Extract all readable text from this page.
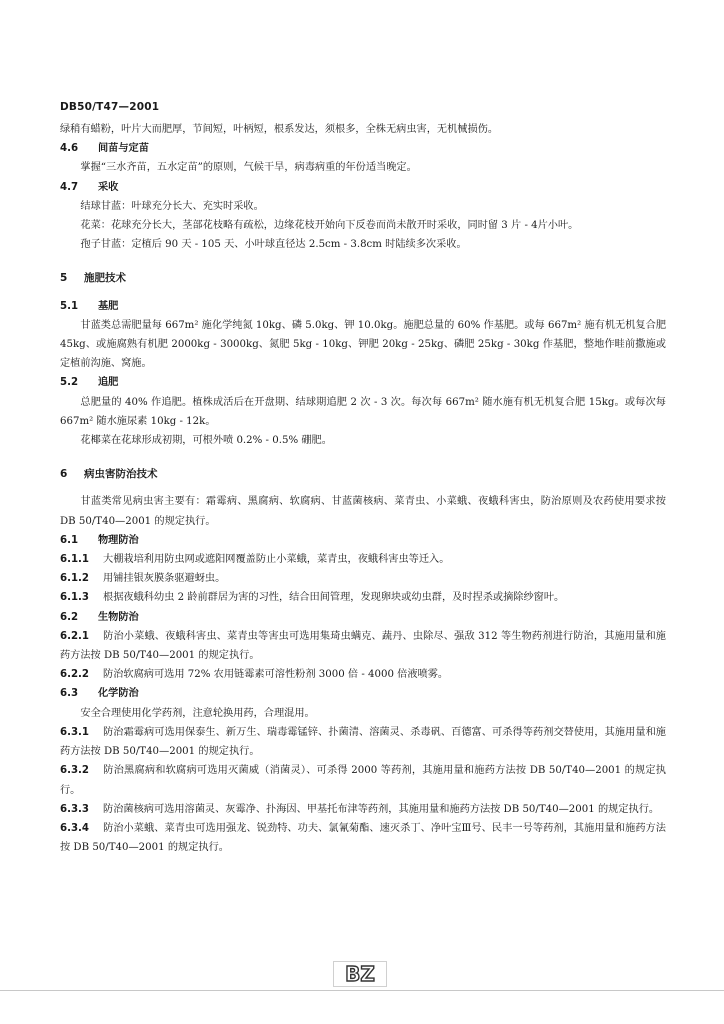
DB50/T47—2001

绿稍有蜡粉，叶片大而肥厚，节间短，叶柄短，根系发达，须根多，全株无病虫害，无机械损伤。

4.6 间苗与定苗

掌握“三水齐苗，五水定苗”的原则，气候干旱，病毒病重的年份适当晚定。

4.7 采收

结球甘蓝：叶球充分长大、充实时采收。

花菜：花球充分长大，茎部花枝略有疏松，边缘花枝开始向下反卷而尚未散开时采收，同时留 3 片 - 4片小叶。

孢子甘蓝：定植后 90 天 - 105 天、小叶球直径达 2.5cm - 3.8cm 时陆续多次采收。

5 施肥技术
5.1 基肥

甘蓝类总需肥量每 667m² 施化学纯氮 10kg、磷 5.0kg、钾 10.0kg。施肥总量的 60% 作基肥。或每 667m² 施有机无机复合肥 45kg、或施腐熟有机肥 2000kg - 3000kg、氮肥 5kg - 10kg、钾肥 20kg - 25kg、磷肥 25kg - 30kg 作基肥，整地作畦前撒施或定植前沟施、窝施。

5.2 追肥

总肥量的 40% 作追肥。植株成活后在开盘期、结球期追肥 2 次 - 3 次。每次每 667m² 随水施有机无机复合肥 15kg。或每次每 667m² 随水施尿素 10kg - 12k。

花椰菜在花球形成初期，可根外喷 0.2% - 0.5% 硼肥。

6 病虫害防治技术

甘蓝类常见病虫害主要有：霜霉病、黑腐病、软腐病、甘蓝菌核病、菜青虫、小菜蛾、夜蛾科害虫，防治原则及农药使用要求按 DB 50/T40—2001 的规定执行。

6.1 物理防治

6.1.1 大棚栽培利用防虫网或遮阳网覆盖防止小菜蛾，菜青虫，夜蛾科害虫等迁入。

6.1.2 用铺挂银灰膜条驱避蚜虫。

6.1.3 根据夜蛾科幼虫 2 龄前群居为害的习性，结合田间管理，发现卵块或幼虫群，及时捏杀或摘除纱窗叶。

6.2 生物防治

6.2.1 防治小菜蛾、夜蛾科害虫、菜青虫等害虫可选用集琦虫螨克、蔬丹、虫除尽、强敌 312 等生物药剂进行防治，其施用量和施药方法按 DB 50/T40—2001 的规定执行。

6.2.2 防治软腐病可选用 72% 农用链霉素可溶性粉剂 3000 倍 - 4000 倍液喷雾。

6.3 化学防治

安全合理使用化学药剂，注意轮换用药，合理混用。

6.3.1 防治霜霉病可选用保泰生、新万生、瑞毒霉锰锌、扑菌清、溶菌灵、杀毒矾、百德富、可杀得等药剂交替使用，其施用量和施药方法按 DB 50/T40—2001 的规定执行。

6.3.2 防治黑腐病和软腐病可选用灭菌威（消菌灵）、可杀得 2000 等药剂，其施用量和施药方法按 DB 50/T40—2001 的规定执行。

6.3.3 防治菌核病可选用溶菌灵、灰霉净、扑海因、甲基托布津等药剂，其施用量和施药方法按 DB 50/T40—2001 的规定执行。

6.3.4 防治小菜蛾、菜青虫可选用强龙、锐劲特、功夫、氯氰菊酯、速灭杀丁、净叶宝Ⅲ号、民丰一号等药剂，其施用量和施药方法按 DB 50/T40—2001 的规定执行。

BZ
